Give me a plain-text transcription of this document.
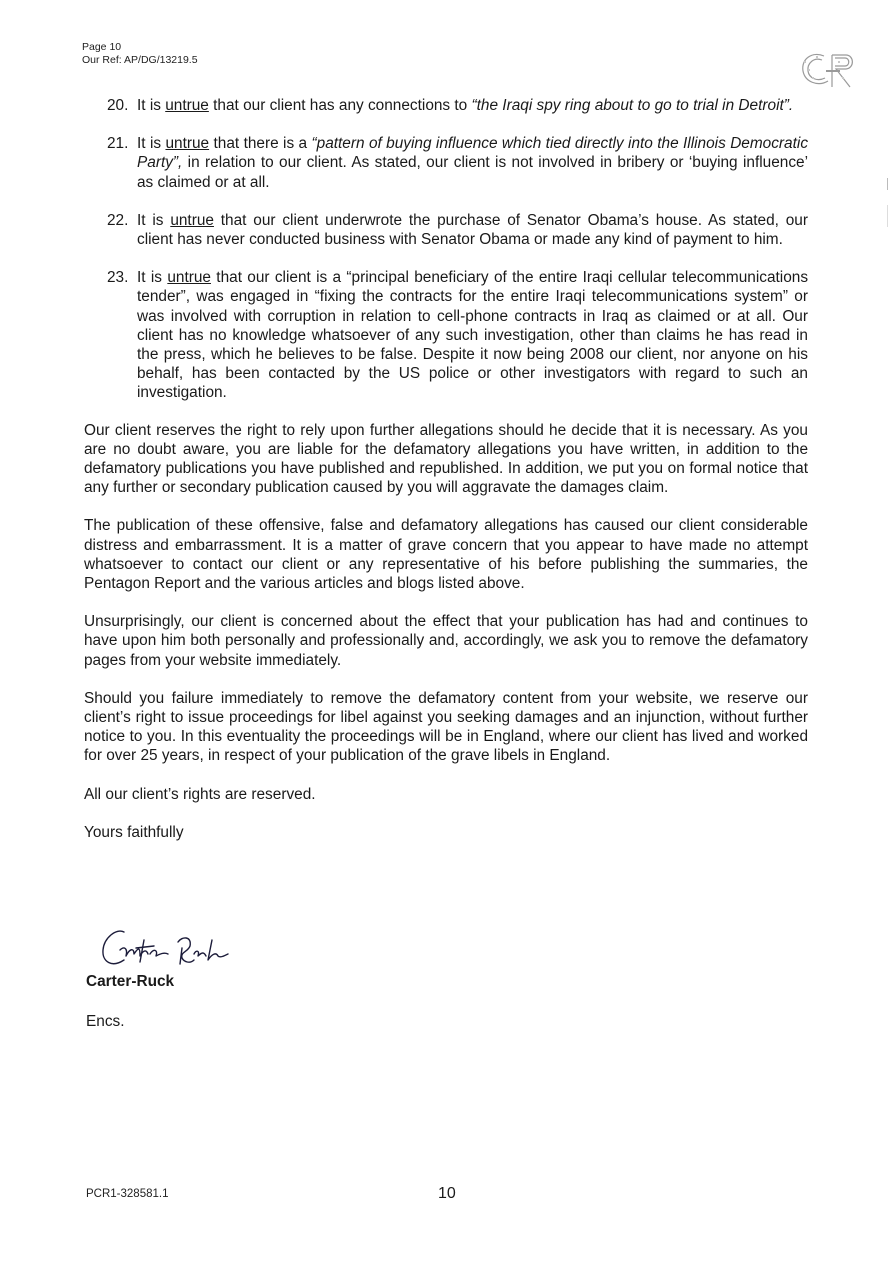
Page 10
Our Ref: AP/DG/13219.5
20. It is untrue that our client has any connections to “the Iraqi spy ring about to go to trial in Detroit”.
21. It is untrue that there is a “pattern of buying influence which tied directly into the Illinois Democratic Party”, in relation to our client. As stated, our client is not involved in bribery or ‘buying influence’ as claimed or at all.
22. It is untrue that our client underwrote the purchase of Senator Obama’s house. As stated, our client has never conducted business with Senator Obama or made any kind of payment to him.
23. It is untrue that our client is a “principal beneficiary of the entire Iraqi cellular telecommunications tender”, was engaged in “fixing the contracts for the entire Iraqi telecommunications system” or was involved with corruption in relation to cell-phone contracts in Iraq as claimed or at all. Our client has no knowledge whatsoever of any such investigation, other than claims he has read in the press, which he believes to be false. Despite it now being 2008 our client, nor anyone on his behalf, has been contacted by the US police or other investigators with regard to such an investigation.

Our client reserves the right to rely upon further allegations should he decide that it is necessary. As you are no doubt aware, you are liable for the defamatory allegations you have written, in addition to the defamatory publications you have published and republished. In addition, we put you on formal notice that any further or secondary publication caused by you will aggravate the damages claim.

The publication of these offensive, false and defamatory allegations has caused our client considerable distress and embarrassment. It is a matter of grave concern that you appear to have made no attempt whatsoever to contact our client or any representative of his before publishing the summaries, the Pentagon Report and the various articles and blogs listed above.

Unsurprisingly, our client is concerned about the effect that your publication has had and continues to have upon him both personally and professionally and, accordingly, we ask you to remove the defamatory pages from your website immediately.

Should you failure immediately to remove the defamatory content from your website, we reserve our client’s right to issue proceedings for libel against you seeking damages and an injunction, without further notice to you. In this eventuality the proceedings will be in England, where our client has lived and worked for over 25 years, in respect of your publication of the grave libels in England.

All our client’s rights are reserved.

Yours faithfully

Carter-Ruck
Encs.
PCR1-328581.1	10
